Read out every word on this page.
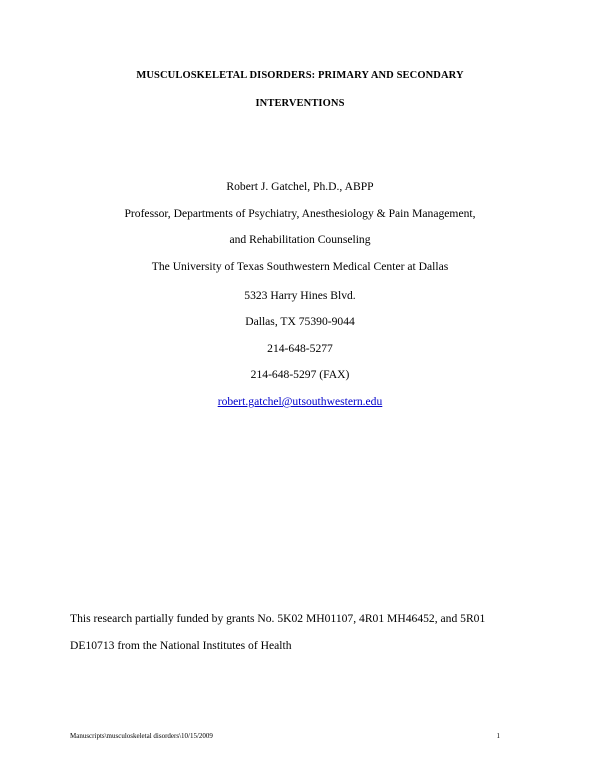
MUSCULOSKELETAL DISORDERS: PRIMARY AND SECONDARY
INTERVENTIONS
Robert J. Gatchel, Ph.D., ABPP
Professor, Departments of Psychiatry, Anesthesiology & Pain Management,
and Rehabilitation Counseling
The University of Texas Southwestern Medical Center at Dallas
5323 Harry Hines Blvd.
Dallas, TX 75390-9044
214-648-5277
214-648-5297 (FAX)
robert.gatchel@utsouthwestern.edu
This research partially funded by grants No. 5K02 MH01107, 4R01 MH46452, and 5R01
DE10713 from the National Institutes of Health
Manuscripts\musculoskeletal disorders\10/15/2009	1
